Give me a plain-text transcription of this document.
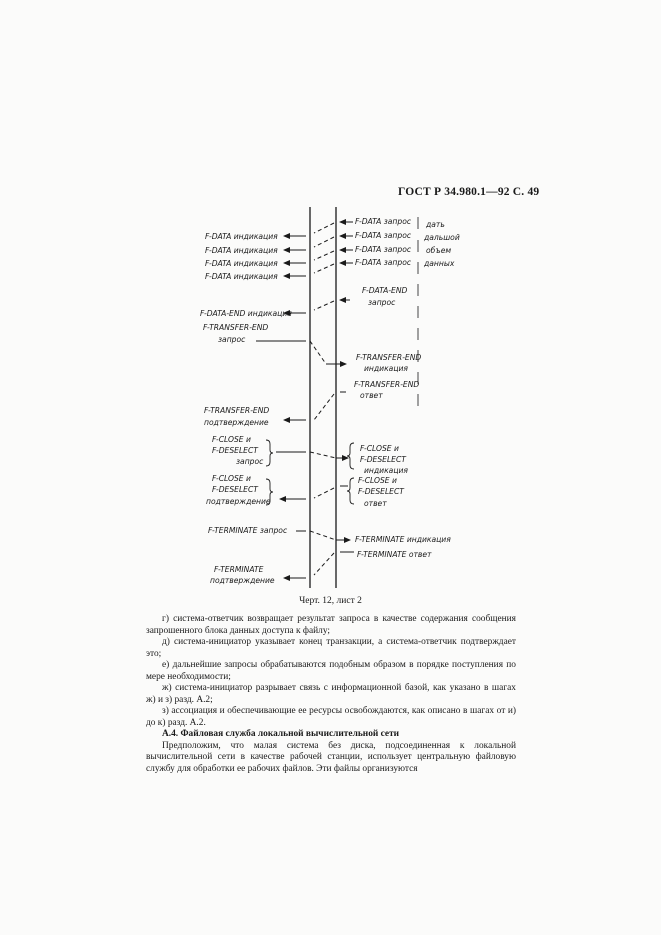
ГОСТ Р 34.980.1—92 С. 49
F-DATA индикация
F-DATA индикация
F-DATA индикация
F-DATA индикация
F-DATA-END индикация
F-TRANSFER-END
запрос
F-TRANSFER-END
подтверждение
F-CLOSE и
F-DESELECT
запрос
F-CLOSE и
F-DESELECT
подтверждение
F-TERMINATE запрос
F-TERMINATE
подтверждение
F-DATA запрос
F-DATA запрос
F-DATA запрос
F-DATA запрос
F-DATA-END
запрос
F-TRANSFER-END
индикация
F-TRANSFER-END
ответ
F-CLOSE и
F-DESELECT
индикация
F-CLOSE и
F-DESELECT
ответ
F-TERMINATE индикация
F-TERMINATE ответ
дать
дальшой
объем
данных
Черт. 12, лист 2

г) система-ответчик возвращает результат запроса в качестве содержания сообщения запрошенного блока данных доступа к файлу;

д) система-инициатор указывает конец транзакции, а система-ответчик подтверждает это;

е) дальнейшие запросы обрабатываются подобным образом в порядке поступления по мере необходимости;

ж) система-инициатор разрывает связь с информационной базой, как указано в шагах ж) и з) разд. А.2;

з) ассоциация и обеспечивающие ее ресурсы освобождаются, как описано в шагах от и) до к) разд. А.2.

А.4. Файловая служба локальной вычислительной сети

Предположим, что малая система без диска, подсоединенная к локальной вычислительной сети в качестве рабочей станции, использует центральную файловую службу для обработки ее рабочих файлов. Эти файлы организуются
